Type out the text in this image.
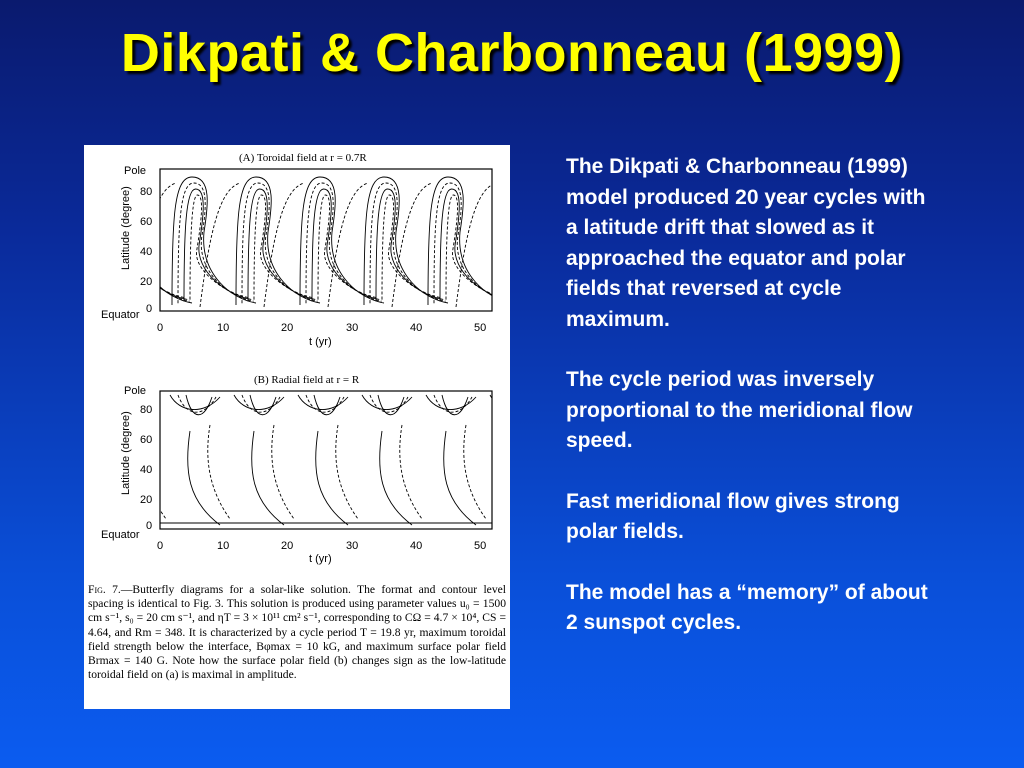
Dikpati & Charbonneau (1999)
(A) Toroidal field at r = 0.7R
Pole
Equator
Latitude (degree)
t (yr)
80
60
40
20
0
0	10	20	30	40	50
(B) Radial field at r = R
Pole
Equator
Latitude (degree)
t (yr)
80
60
40
20
0
0	10	20	30	40	50
Fig. 7.—Butterfly diagrams for a solar-like solution. The format and contour level spacing is identical to Fig. 3. This solution is produced using parameter values u₀ = 1500 cm s⁻¹, s₀ = 20 cm s⁻¹, and ηT = 3 × 10¹¹ cm² s⁻¹, corresponding to CΩ = 4.7 × 10⁴, CS = 4.64, and Rm = 348. It is characterized by a cycle period T = 19.8 yr, maximum toroidal field strength below the interface, Bφmax = 10 kG, and maximum surface polar field Brmax = 140 G. Note how the surface polar field (b) changes sign as the low-latitude toroidal field on (a) is maximal in amplitude.

The Dikpati & Charbonneau (1999) model produced 20 year cycles with a latitude drift that slowed as it approached the equator and polar fields that reversed at cycle maximum.

The cycle period was inversely proportional to the meridional flow speed.

Fast meridional flow gives strong polar fields.

The model has a “memory” of about 2 sunspot cycles.
